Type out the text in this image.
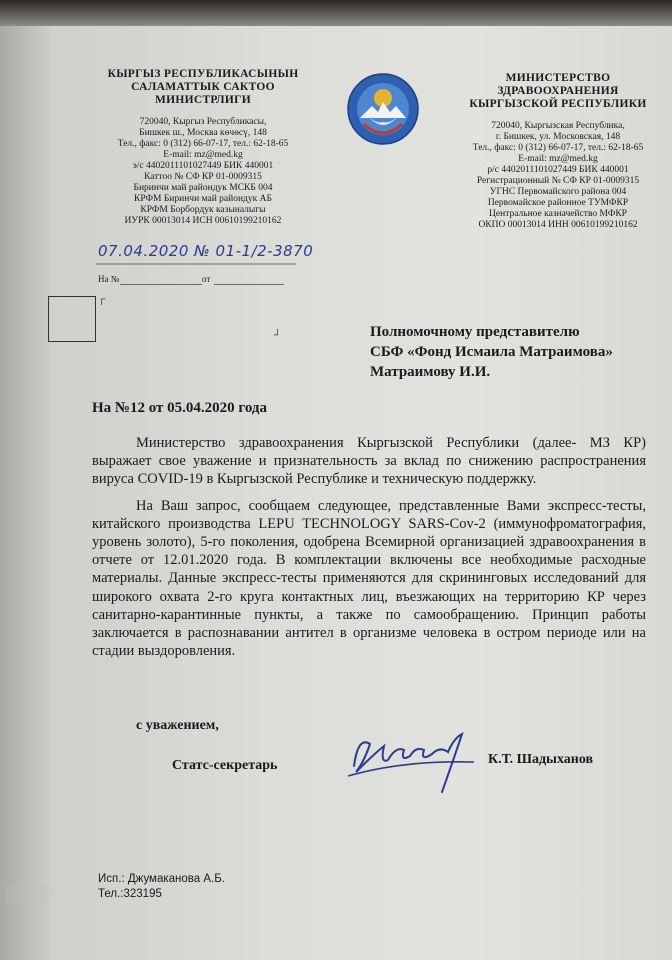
КЫРГЫЗ РЕСПУБЛИКАСЫНЫН
САЛАМАТТЫК САКТОО
МИНИСТРЛИГИ
720040, Кыргыз Республикасы,
Бишкек ш., Москва көчөсү, 148
Тел., факс: 0 (312) 66-07-17, тел.: 62-18-65
E-mail: mz@med.kg
э/с 4402011101027449 БИК 440001
Каттоо № СФ КР 01-0009315
Биринчи май райондук МСКБ 004
КРФМ Биринчи май райондук АБ
КРФМ Борбордук казыналыгы
ИУРК 00013014 ИСН 00610199210162
МИНИСТЕРСТВО
ЗДРАВООХРАНЕНИЯ
КЫРГЫЗСКОЙ РЕСПУБЛИКИ
720040, Кыргызская Республика,
г. Бишкек, ул. Московская, 148
Тел., факс: 0 (312) 66-07-17, тел.: 62-18-65
E-mail: mz@med.kg
р/с 4402011101027449 БИК 440001
Регистрационный № СФ КР 01-0009315
УГНС Первомайского района 004
Первомайское районное ТУМФКР
Центральное казначейство МФКР
ОКПО 00013014 ИНН 00610199210162
07.04.2020 № 01-1/2-3870
На №	от
┌
┘	Полномочному представителю
СБФ «Фонд Исмаила Матраимова»
Матраимову И.И.
На №12 от 05.04.2020 года

Министерство здравоохранения Кыргызской Республики (далее- МЗ КР) выражает свое уважение и признательность за вклад по снижению распространения вируса COVID-19 в Кыргызской Республике и техническую поддержку.

На Ваш запрос, сообщаем следующее, представленные Вами экспресс-тесты, китайского производства LEPU TECHNOLOGY SARS-Cov-2 (иммунофроматография, уровень золото), 5-го поколения, одобрена Всемирной организацией здравоохранения в отчете от 12.01.2020 года. В комплектации включены все необходимые расходные материалы. Данные экспресс-тесты применяются для скрининговых исследований для широкого охвата 2-го круга контактных лиц, въезжающих на территорию КР через санитарно-карантинные пункты, а также по самообращению. Принцип работы заключается в распознавании антител в организме человека в остром периоде или на стадии выздоровления.

с уважением,
Статс-секретарь	К.Т. Шадыханов
▒▒▒
Исп.: Джумаканова А.Б.
Тел.:323195
